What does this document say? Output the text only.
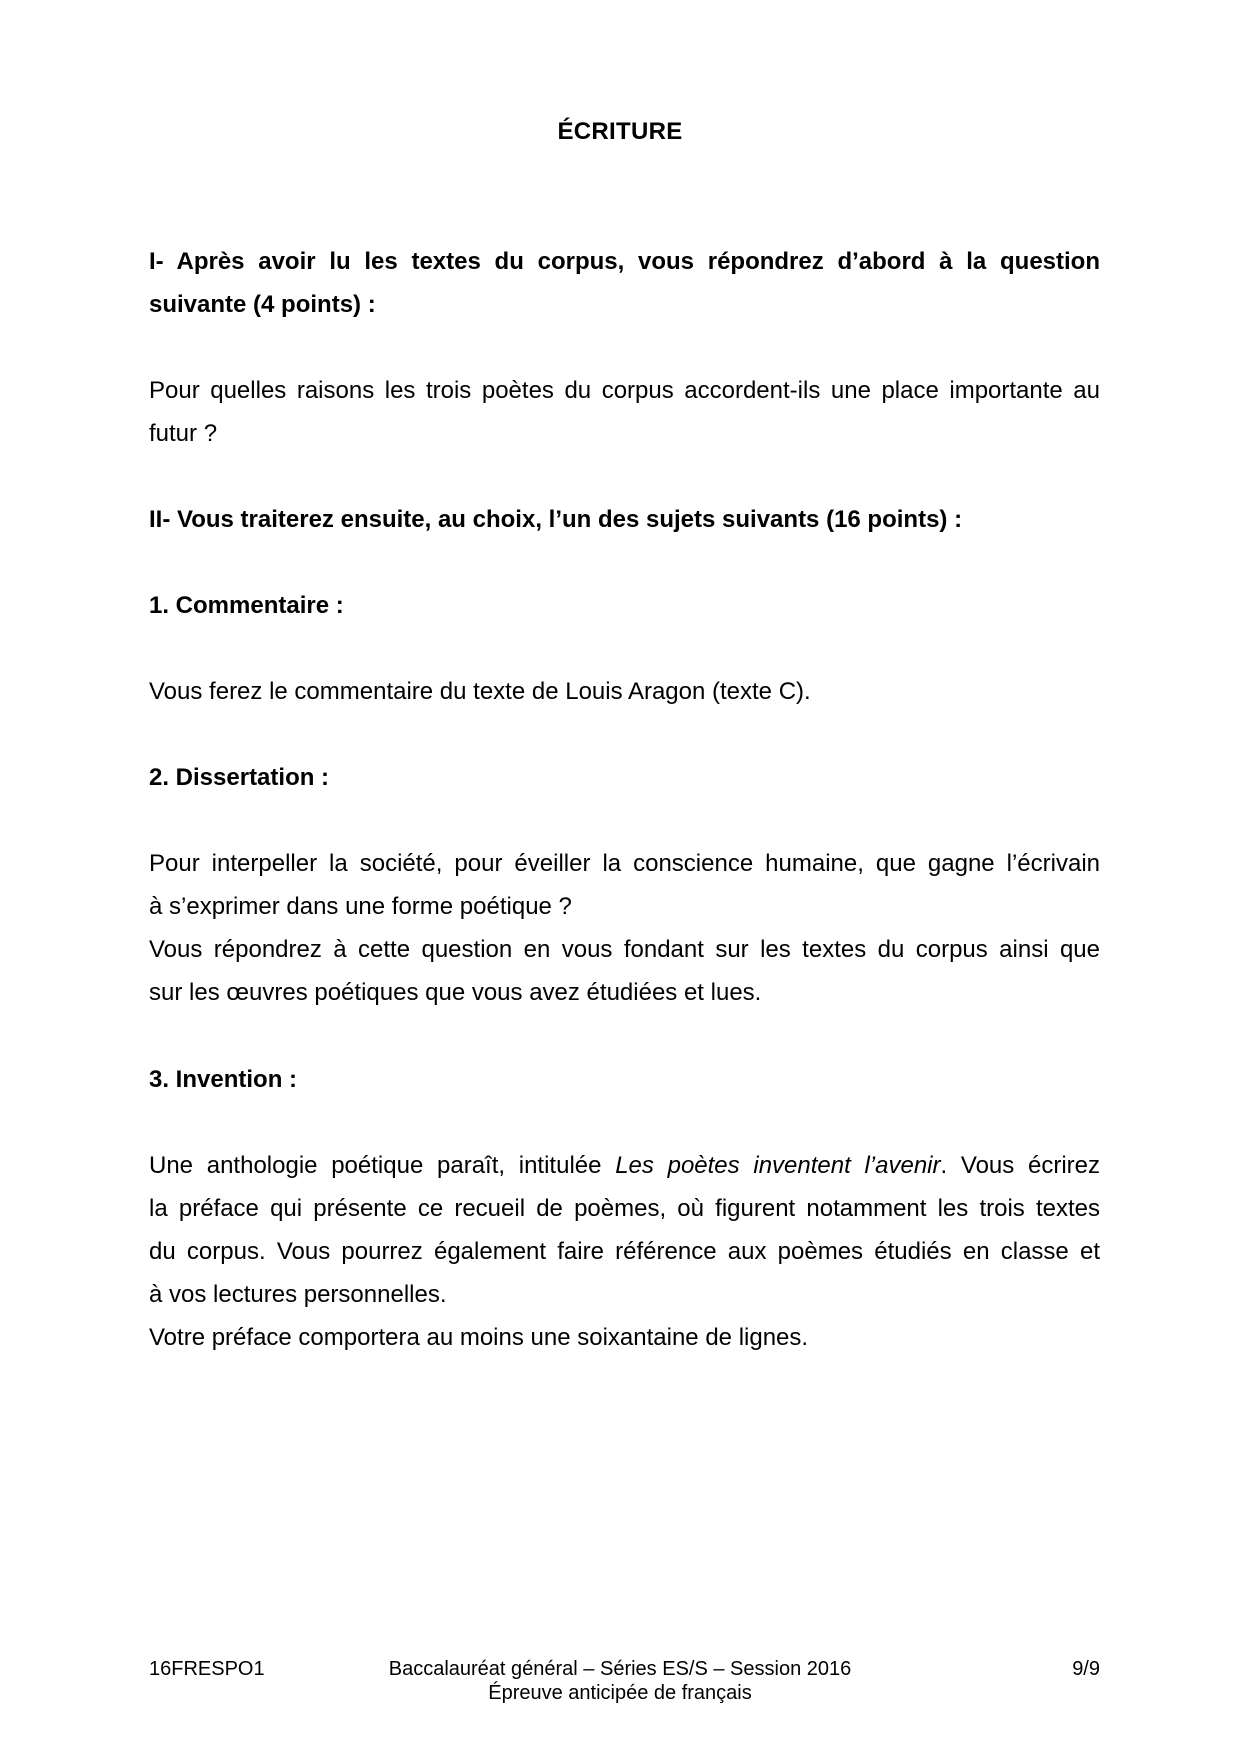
ÉCRITURE
I- Après avoir lu les textes du corpus, vous répondrez d’abord à la question
suivante (4 points) :
Pour quelles raisons les trois poètes du corpus accordent-ils une place importante au
futur ?
II- Vous traiterez ensuite, au choix, l’un des sujets suivants (16 points) :
1. Commentaire :
Vous ferez le commentaire du texte de Louis Aragon (texte C).
2. Dissertation :
Pour interpeller la société, pour éveiller la conscience humaine, que gagne l’écrivain
à s’exprimer dans une forme poétique ?
Vous répondrez à cette question en vous fondant sur les textes du corpus ainsi que
sur les œuvres poétiques que vous avez étudiées et lues.
3. Invention :
Une anthologie poétique paraît, intitulée Les poètes inventent l’avenir. Vous écrirez
la préface qui présente ce recueil de poèmes, où figurent notamment les trois textes
du corpus. Vous pourrez également faire référence aux poèmes étudiés en classe et
à vos lectures personnelles.
Votre préface comportera au moins une soixantaine de lignes.
16FRESPO1	Baccalauréat général – Séries ES/S – Session 2016
Épreuve anticipée de français
9/9
